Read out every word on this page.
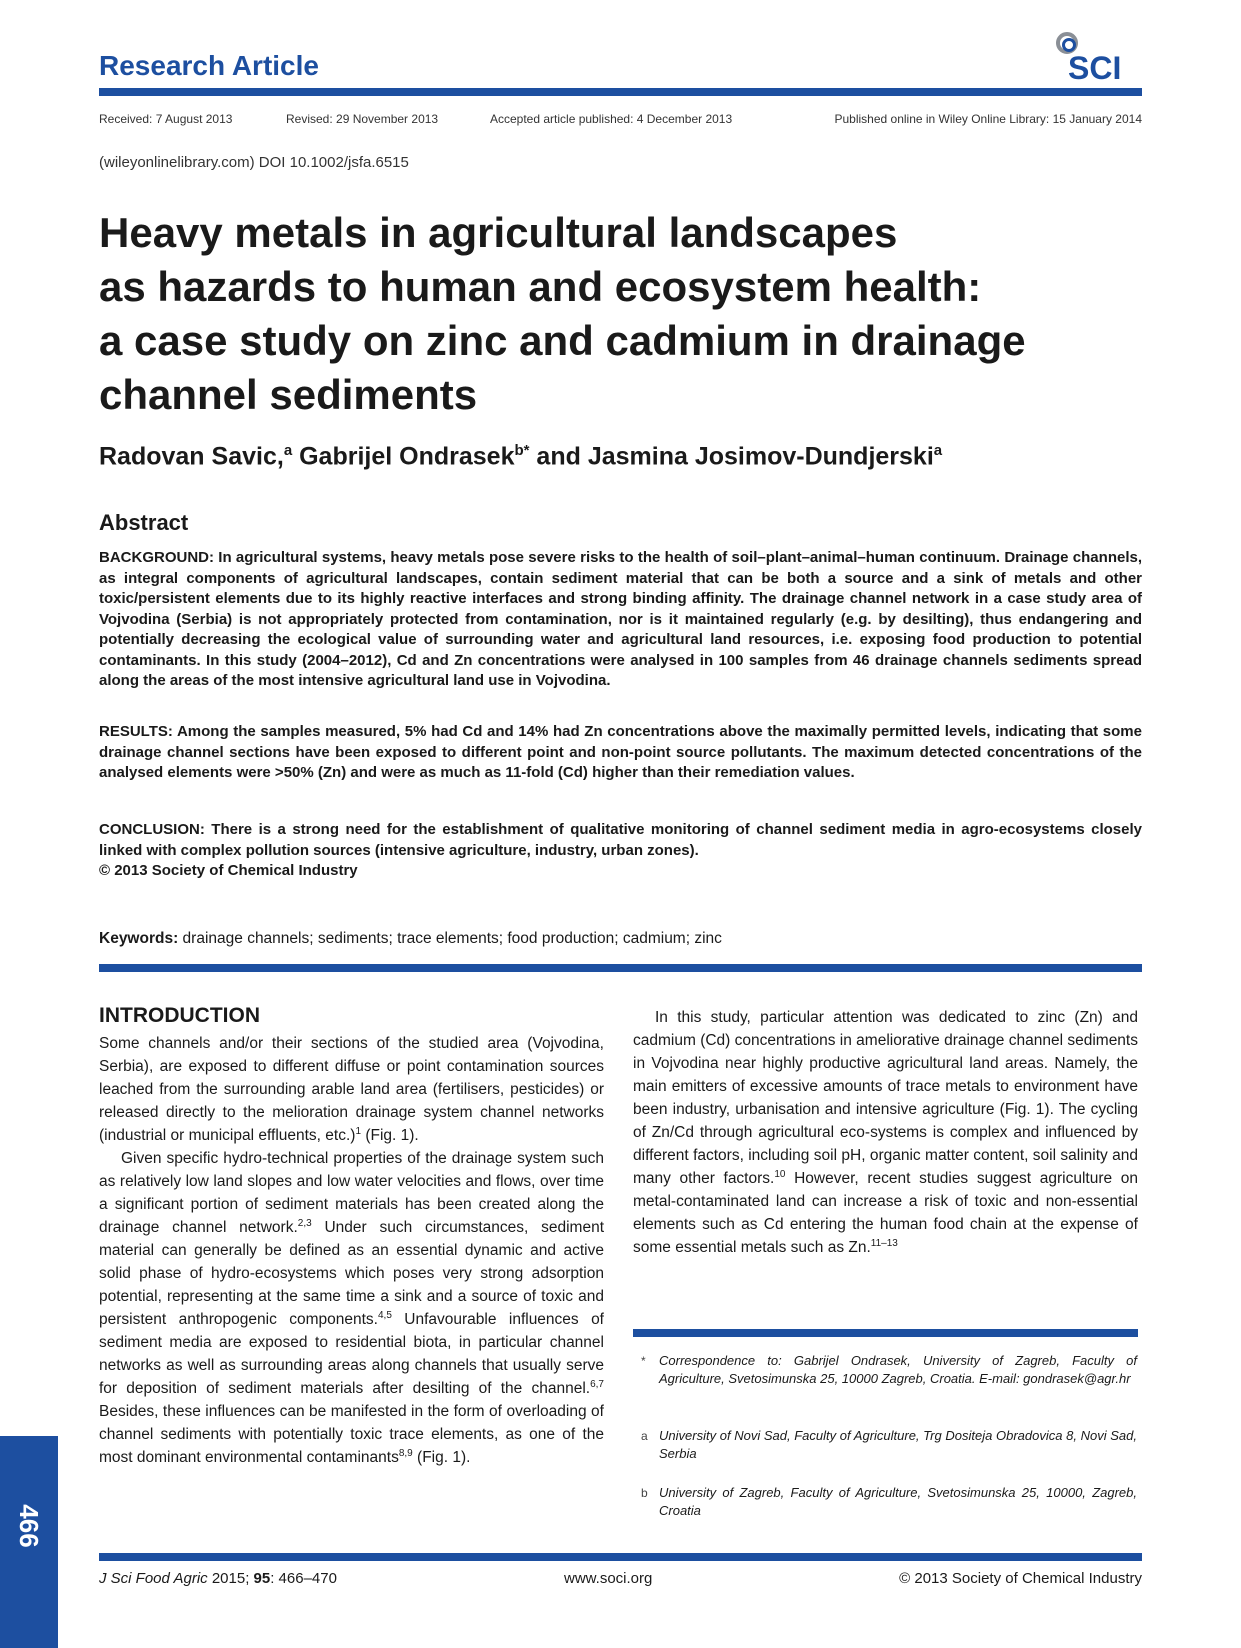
Research Article	SCI
Received: 7 August 2013	Revised: 29 November 2013	Accepted article published: 4 December 2013	Published online in Wiley Online Library: 15 January 2014
(wileyonlinelibrary.com) DOI 10.1002/jsfa.6515
Heavy metals in agricultural landscapes
as hazards to human and ecosystem health:
a case study on zinc and cadmium in drainage
channel sediments
Radovan Savic,$^a$ Gabrijel Ondrasek$^{b*}$ and Jasmina Josimov-Dundjerski$^a$
Abstract
BACKGROUND: In agricultural systems, heavy metals pose severe risks to the health of soil–plant–animal–human continuum. Drainage channels, as integral components of agricultural landscapes, contain sediment material that can be both a source and a sink of metals and other toxic/persistent elements due to its highly reactive interfaces and strong binding affinity. The drainage channel network in a case study area of Vojvodina (Serbia) is not appropriately protected from contamination, nor is it maintained regularly (e.g. by desilting), thus endangering and potentially decreasing the ecological value of surrounding water and agricultural land resources, i.e. exposing food production to potential contaminants. In this study (2004–2012), Cd and Zn concentrations were analysed in 100 samples from 46 drainage channels sediments spread along the areas of the most intensive agricultural land use in Vojvodina.
RESULTS: Among the samples measured, 5% had Cd and 14% had Zn concentrations above the maximally permitted levels, indicating that some drainage channel sections have been exposed to different point and non-point source pollutants. The maximum detected concentrations of the analysed elements were >50% (Zn) and were as much as 11-fold (Cd) higher than their remediation values.
CONCLUSION: There is a strong need for the establishment of qualitative monitoring of channel sediment media in agro-ecosystems closely linked with complex pollution sources (intensive agriculture, industry, urban zones).
© 2013 Society of Chemical Industry
Keywords: drainage channels; sediments; trace elements; food production; cadmium; zinc
INTRODUCTION

Some channels and/or their sections of the studied area (Vojvodina, Serbia), are exposed to different diffuse or point contamination sources leached from the surrounding arable land area (fertilisers, pesticides) or released directly to the melioration drainage system channel networks (industrial or municipal effluents, etc.)$^1$ (Fig. 1).

Given specific hydro-technical properties of the drainage system such as relatively low land slopes and low water velocities and flows, over time a significant portion of sediment materials has been created along the drainage channel network.$^{2,3}$ Under such circumstances, sediment material can generally be defined as an essential dynamic and active solid phase of hydro-ecosystems which poses very strong adsorption potential, representing at the same time a sink and a source of toxic and persistent anthropogenic components.$^{4,5}$ Unfavourable influences of sediment media are exposed to residential biota, in particular channel networks as well as surrounding areas along channels that usually serve for deposition of sediment materials after desilting of the channel.$^{6,7}$ Besides, these influences can be manifested in the form of overloading of channel sediments with potentially toxic trace elements, as one of the most dominant environmental contaminants$^{8,9}$ (Fig. 1).

In this study, particular attention was dedicated to zinc (Zn) and cadmium (Cd) concentrations in ameliorative drainage channel sediments in Vojvodina near highly productive agricultural land areas. Namely, the main emitters of excessive amounts of trace metals to environment have been industry, urbanisation and intensive agriculture (Fig. 1). The cycling of Zn/Cd through agricultural eco-systems is complex and influenced by different factors, including soil pH, organic matter content, soil salinity and many other factors.$^{10}$ However, recent studies suggest agriculture on metal-contaminated land can increase a risk of toxic and non-essential elements such as Cd entering the human food chain at the expense of some essential metals such as Zn.$^{11-13}$

* Correspondence to: Gabrijel Ondrasek, University of Zagreb, Faculty of Agriculture, Svetosimunska 25, 10000 Zagreb, Croatia. E-mail: gondrasek@agr.hr
a University of Novi Sad, Faculty of Agriculture, Trg Dositeja Obradovica 8, Novi Sad, Serbia
b University of Zagreb, Faculty of Agriculture, Svetosimunska 25, 10000, Zagreb, Croatia
J Sci Food Agric 2015; 95: 466–470	www.soci.org	© 2013 Society of Chemical Industry
466
